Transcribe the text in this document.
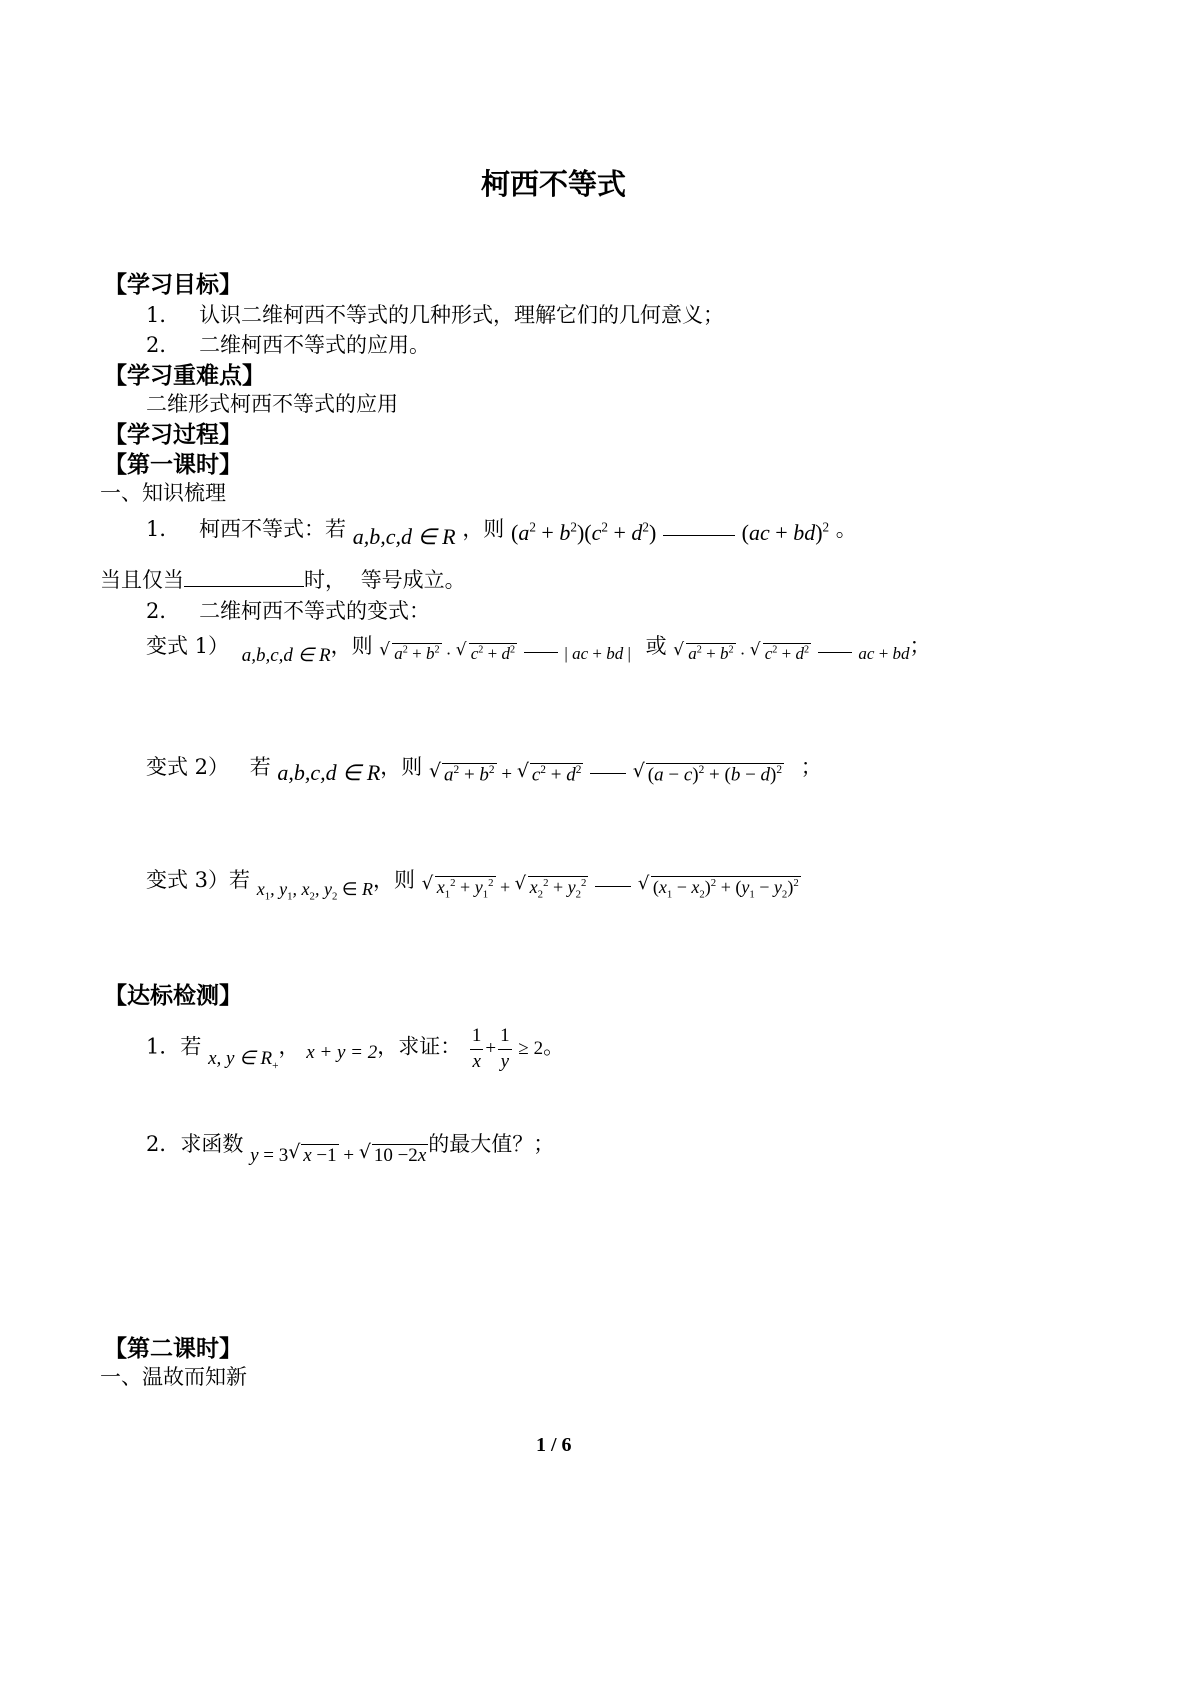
柯西不等式
【学习目标】
1． 认识二维柯西不等式的几种形式，理解它们的几何意义；
2． 二维柯西不等式的应用。
【学习重难点】
二维形式柯西不等式的应用
【学习过程】
【第一课时】
一、知识梳理
1． 柯西不等式：若 a,b,c,d ∈ R ，则 $(a^2 + b^2)(c^2 + d^2)$	(ac + bd)$^2$ 。
当且仅当	时， 等号成立。
2． 二维柯西不等式的变式：
变式 1） a,b,c,d ∈ R，则 √ $_{a^2 + b^2 \cdot √ c^2 + d^2}$	$_{| ac + bd |}$ 或 √ $_{a^2 + b^2 \cdot √ c^2 + d^2}$	$_{ac + bd}$；
变式 2） 若 a,b,c,d ∈ R，则 √ $a^2 + b^2$ + √ $c^2 + d^2$	√ $(a - c)^2 + (b - d)^2$ ；
变式 3）若 $x_1$, $y_1$, $x_2$, $y_2$ ∈ R，则 √ $x_1^2 + y_1^2$ + √ $x_2^2 + y_2^2$	√ $(x_1 - x_2)^2 + (y_1 - y_2)^2$
【达标检测】
1．若 x, y ∈ $R_+$， x + y = 2，求证： $\frac{1}{x} + \frac{1}{y} \ge 2$。
2．求函数 y = 3 √ x −1 + √ 10 −2x的最大值？；
【第二课时】
一、温故而知新
1 / 6
